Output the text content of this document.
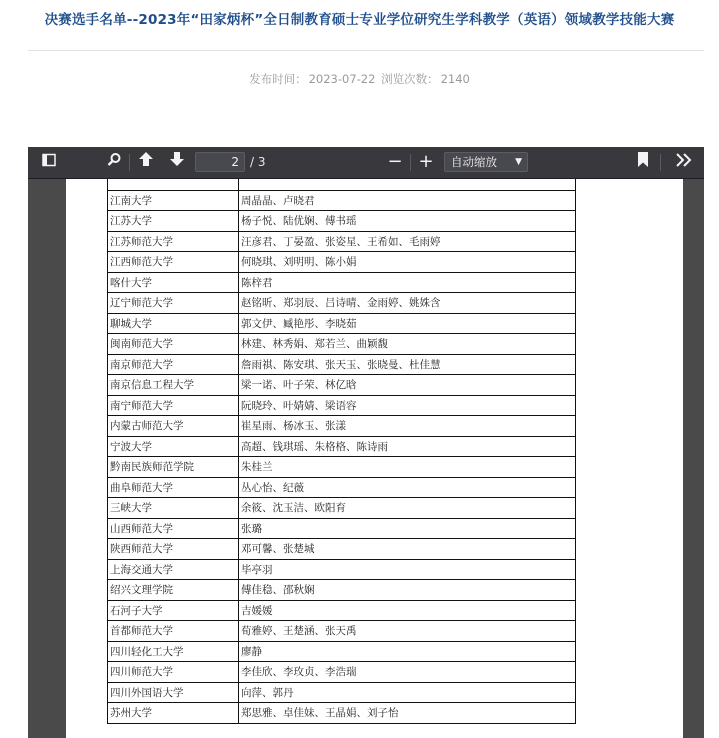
决赛选手名单--2023年“田家炳杯”全日制教育硕士专业学位研究生学科教学（英语）领域教学技能大赛
发布时间： 2023-07-22 浏览次数： 2140
2 / 3	− +	自动缩放 ▼

江南大学	周晶晶、卢晓君
江苏大学	杨子悦、陆优娴、傅书瑶
江苏师范大学	汪彦君、丁晏盈、张姿星、王希如、毛雨婷
江西师范大学	何晓琪、刘明明、陈小娟
喀什大学	陈梓君
辽宁师范大学	赵铭昕、郑羽辰、吕诗晴、金雨婷、姚姝含
聊城大学	郭文伊、臧艳彤、李晓茹
闽南师范大学	林建、林秀娟、郑若兰、曲颖馥
南京师范大学	詹雨祺、陈安琪、张天玉、张晓曼、杜佳慧
南京信息工程大学	梁一诺、叶子荣、林亿晗
南宁师范大学	阮晓玲、叶婧婧、梁语容
内蒙古师范大学	崔星雨、杨冰玉、张漾
宁波大学	高超、钱琪瑶、朱格格、陈诗雨
黔南民族师范学院	朱桂兰
曲阜师范大学	丛心怡、纪薇
三峡大学	余筱、沈玉洁、欧阳育
山西师范大学	张璐
陕西师范大学	邓可馨、张楚城
上海交通大学	毕亭羽
绍兴文理学院	傅佳稳、邵秋娴
石河子大学	吉媛媛
首都师范大学	荀雅婷、王楚涵、张天禹
四川轻化工大学	廖静
四川师范大学	李佳欣、李玫贞、李浩瑞
四川外国语大学	向萍、郭丹
苏州大学	郑思雅、卓佳妹、王晶娟、刘子怡
